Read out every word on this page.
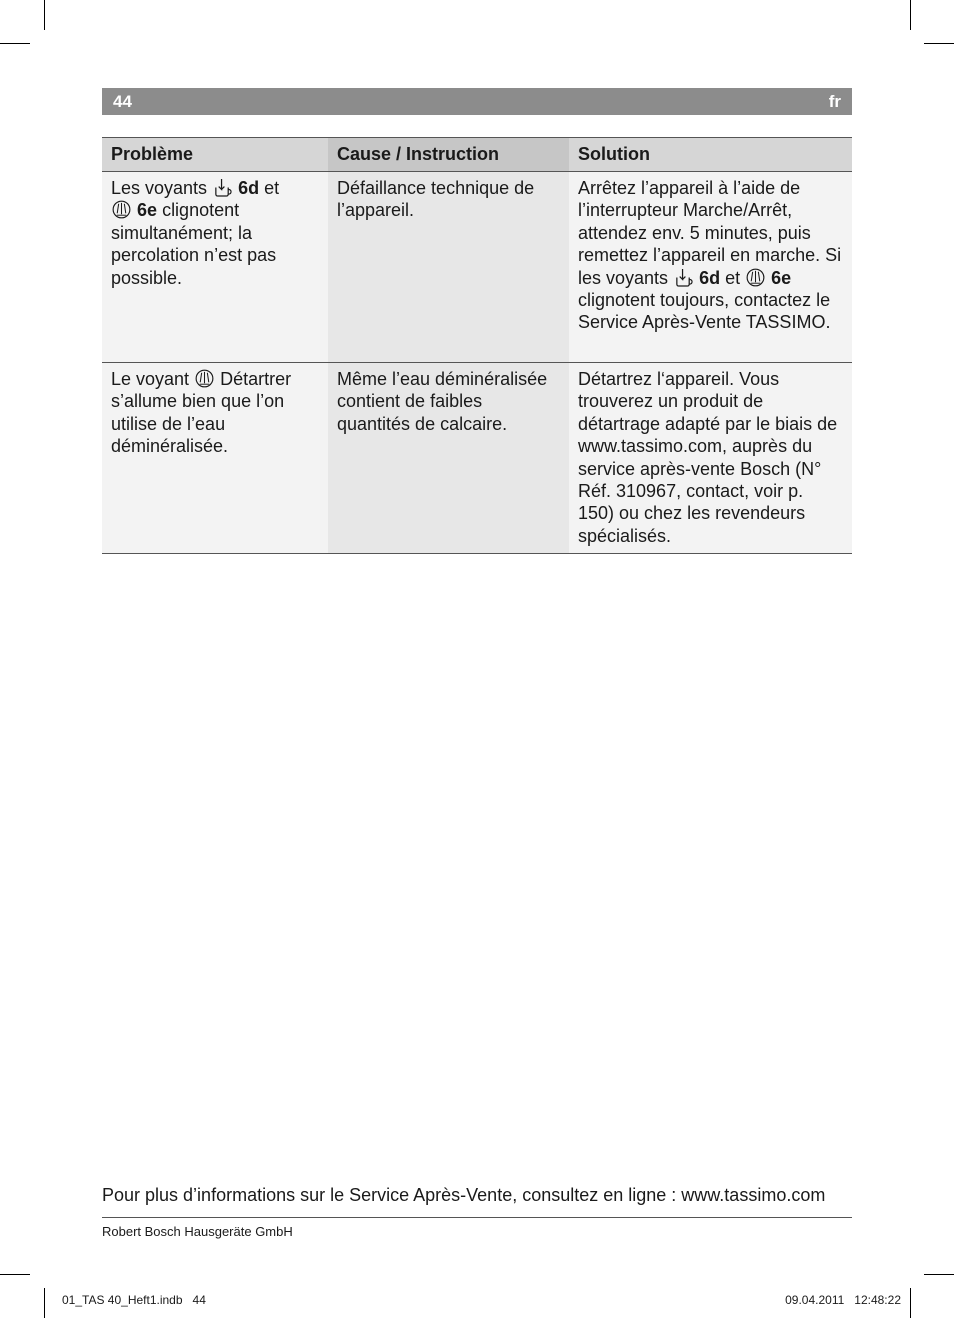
44	fr
Problème	Cause / Instruction	Solution
Les voyants 6d et
6e clignotent simultanément; la percolation n’est pas possible.	Défaillance technique de l’appareil.	Arrêtez l’appareil à l’aide de l’interrupteur Marche/Arrêt, attendez env. 5 minutes, puis remettez l’appareil en marche. Si les voyants 6d et 6e clignotent toujours, contactez le Service Après-Vente TASSIMO.
Le voyant Détartrer s’allume bien que l’on utilise de l’eau déminéralisée.	Même l’eau déminéralisée contient de faibles quantités de calcaire.	Détartrez l‘appareil. Vous trouverez un produit de détartrage adapté par le biais de www.tassimo.com, auprès du service après-vente Bosch (N° Réf. 310967, contact, voir p. 150) ou chez les revendeurs spécialisés.
Pour plus d’informations sur le Service Après-Vente, consultez en ligne : www.tassimo.com
Robert Bosch Hausgeräte GmbH
01_TAS 40_Heft1.indb   44	09.04.2011   12:48:22
